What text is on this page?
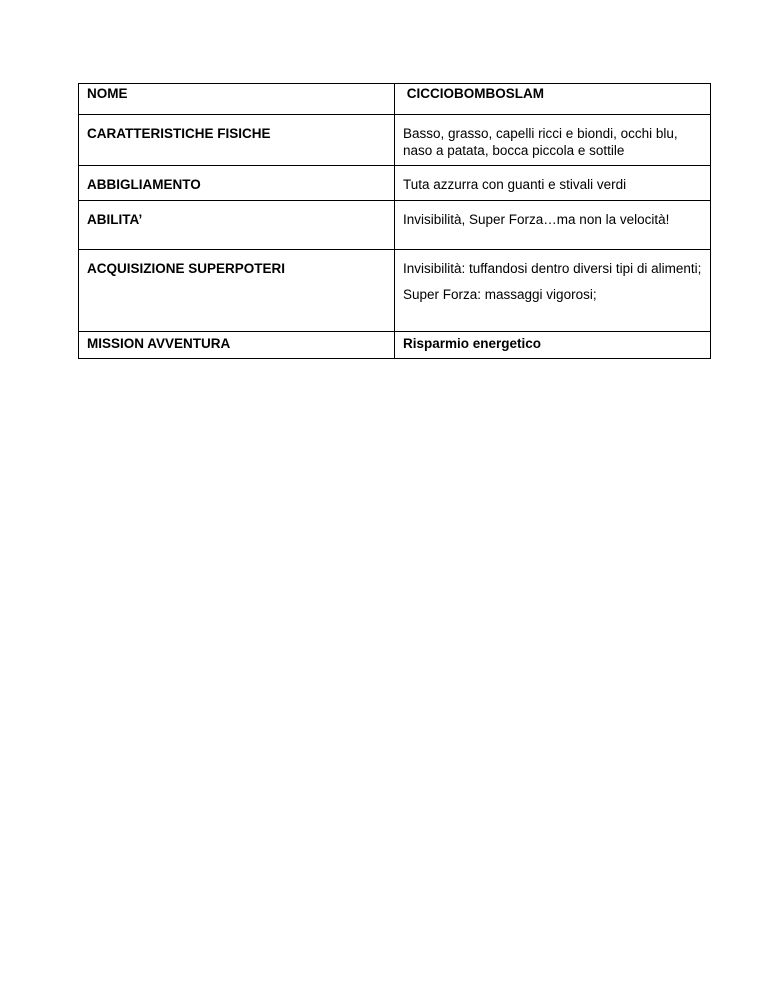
NOME	CICCIOBOMBOSLAM

CARATTERISTICHE FISICHE	Basso, grasso, capelli ricci e biondi, occhi blu, naso a patata, bocca piccola e sottile

ABBIGLIAMENTO	Tuta azzurra con guanti e stivali verdi

ABILITA’	Invisibilità, Super Forza…ma non la velocità!

ACQUISIZIONE SUPERPOTERI	Invisibilità: tuffandosi dentro diversi tipi di alimenti;
Super Forza: massaggi vigorosi;

MISSION AVVENTURA	Risparmio energetico
